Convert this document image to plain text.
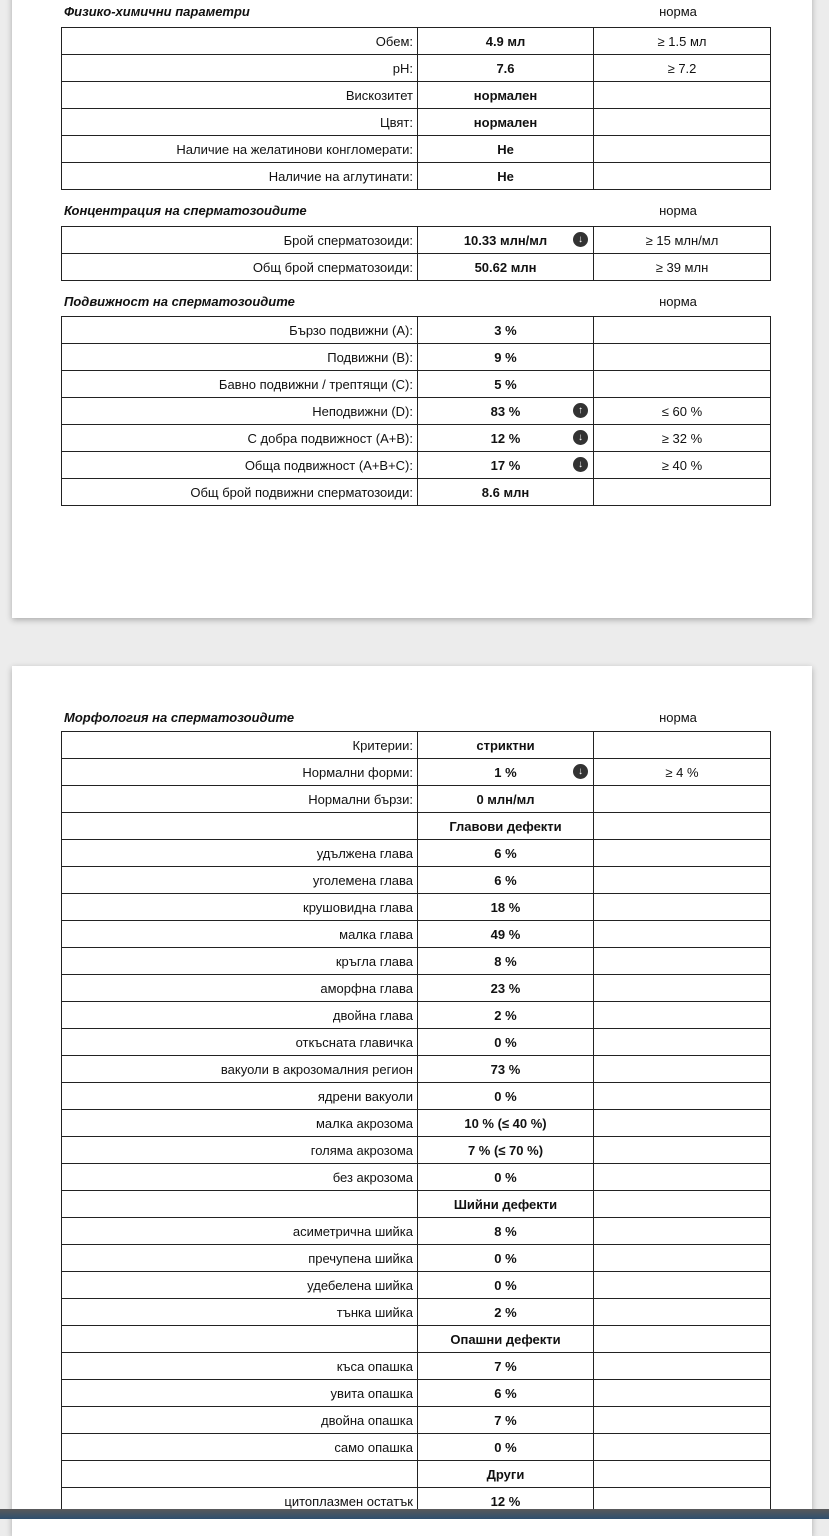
Физико-химични параметри	норма
Обем:	4.9 мл	≥ 1.5 мл
pH:	7.6	≥ 7.2
Вискозитет	нормален	
Цвят:	нормален	
Наличие на желатинови конгломерати:	Не	
Наличие на аглутинати:	Не	
Концентрация на сперматозоидите	норма
Брой сперматозоиди:	10.33 млн/мл ↓	≥ 15 млн/мл
Общ брой сперматозоиди:	50.62 млн	≥ 39 млн
Подвижност на сперматозоидите	норма
Бързо подвижни (А):	3 %	
Подвижни (В):	9 %	
Бавно подвижни / трептящи (С):	5 %	
Неподвижни (D):	83 % ↑	≤ 60 %
С добра подвижност (А+В):	12 % ↓	≥ 32 %
Обща подвижност (А+В+С):	17 % ↓	≥ 40 %
Общ брой подвижни сперматозоиди:	8.6 млн	
Морфология на сперматозоидите	норма
Критерии:	стриктни	
Нормални форми:	1 % ↓	≥ 4 %
Нормални бързи:	0 млн/мл	
	Главови дефекти	
удължена глава	6 %	
уголемена глава	6 %	
крушовидна глава	18 %	
малка глава	49 %	
кръгла глава	8 %	
аморфна глава	23 %	
двойна глава	2 %	
откъсната главичка	0 %	
вакуоли в акрозомалния регион	73 %	
ядрени вакуоли	0 %	
малка акрозома	10 % (≤ 40 %)	
голяма акрозома	7 % (≤ 70 %)	
без акрозома	0 %	
	Шийни дефекти	
асиметрична шийка	8 %	
пречупена шийка	0 %	
удебелена шийка	0 %	
тънка шийка	2 %	
	Опашни дефекти	
къса опашка	7 %	
увита опашка	6 %	
двойна опашка	7 %	
само опашка	0 %	
	Други	
цитоплазмен остатък	12 %	
